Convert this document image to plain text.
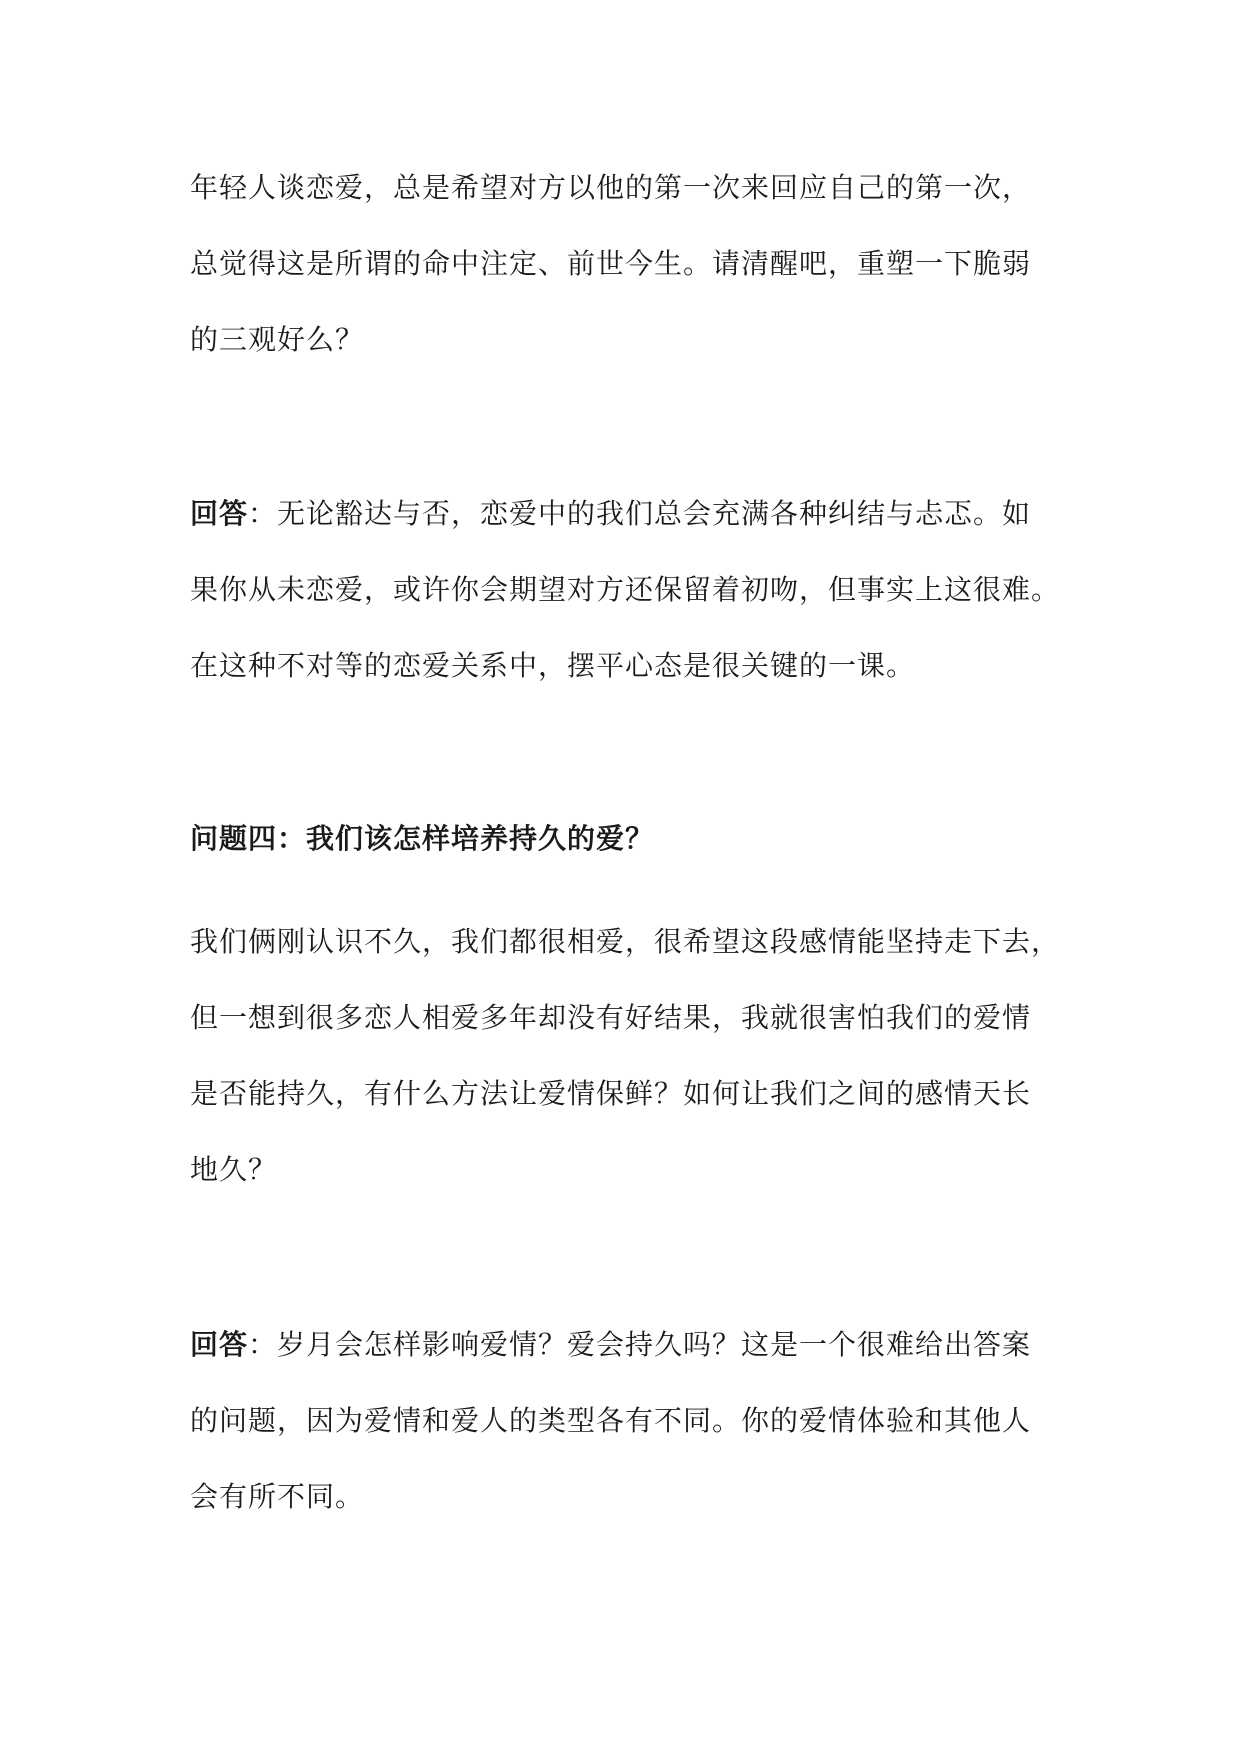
年轻人谈恋爱，总是希望对方以他的第一次来回应自己的第一次，
总觉得这是所谓的命中注定、前世今生。请清醒吧，重塑一下脆弱
的三观好么？
回答：无论豁达与否，恋爱中的我们总会充满各种纠结与忐忑。如
果你从未恋爱，或许你会期望对方还保留着初吻，但事实上这很难。
在这种不对等的恋爱关系中，摆平心态是很关键的一课。
问题四：我们该怎样培养持久的爱？
我们俩刚认识不久，我们都很相爱，很希望这段感情能坚持走下去，
但一想到很多恋人相爱多年却没有好结果，我就很害怕我们的爱情
是否能持久，有什么方法让爱情保鲜？如何让我们之间的感情天长
地久？
回答：岁月会怎样影响爱情？爱会持久吗？这是一个很难给出答案
的问题，因为爱情和爱人的类型各有不同。你的爱情体验和其他人
会有所不同。
